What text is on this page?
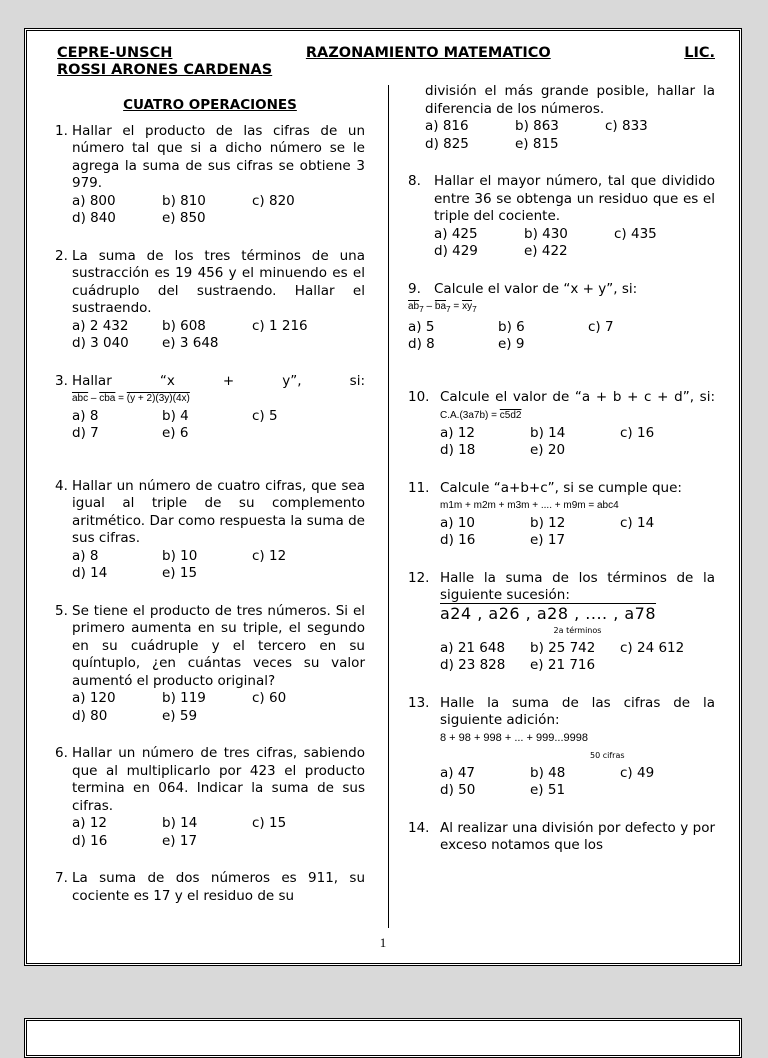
CEPRE-UNSCH	RAZONAMIENTO MATEMATICO	LIC.
ROSSI ARONES CARDENAS
CUATRO OPERACIONES
1. Hallar el producto de las cifras de un número tal que si a dicho número se le agrega la suma de sus cifras se obtiene 3 979.
a) 800	b) 810	c) 820
d) 840	e) 850
2. La suma de los tres términos de una sustracción es 19 456 y el minuendo es el cuádruplo del sustraendo. Hallar el sustraendo.
a) 2 432	b) 608	c) 1 216
d) 3 040	e) 3 648
3. Hallar “x + y”, si:
$\overline{abc} - \overline{cba} = (y + 2)(3y)(4x)$
a) 8	b) 4	c) 5
d) 7	e) 6
4. Hallar un número de cuatro cifras, que sea igual al triple de su complemento aritmético. Dar como respuesta la suma de sus cifras.
a) 8	b) 10	c) 12
d) 14	e) 15
5. Se tiene el producto de tres números. Si el primero aumenta en su triple, el segundo en su cuádruple y el tercero en su quíntuplo, ¿en cuántas veces su valor aumentó el producto original?
a) 120	b) 119	c) 60
d) 80	e) 59
6. Hallar un número de tres cifras, sabiendo que al multiplicarlo por 423 el producto termina en 064. Indicar la suma de sus cifras.
a) 12	b) 14	c) 15
d) 16	e) 17
7. La suma de dos números es 911, su cociente es 17 y el residuo de su
división el más grande posible, hallar la diferencia de los números.
a) 816	b) 863	c) 833
d) 825	e) 815
8. Hallar el mayor número, tal que dividido entre 36 se obtenga un residuo que es el triple del cociente.
a) 425	b) 430	c) 435
d) 429	e) 422
9. Calcule el valor de “x + y”, si:
$\overline{ab}_7 - \overline{ba}_7 = \overline{xy}_7$
a) 5	b) 6	c) 7
d) 8	e) 9
10. Calcule el valor de “a + b + c + d”, si: C.A.(3a7b) = c5d2
a) 12	b) 14	c) 16
d) 18	e) 20
11. Calcule “a+b+c”, si se cumple que:
m1m + m2m + m3m + .... + m9m = abc4
a) 10	b) 12	c) 14
d) 16	e) 17
12. Halle la suma de los términos de la siguiente sucesión:
a24 , a26 , a28 , .... , a78
2a términos
a) 21 648	b) 25 742	c) 24 612
d) 23 828	e) 21 716
13. Halle la suma de las cifras de la siguiente adición:
8 + 98 + 998 + ... + 999...9998
50 cifras
a) 47	b) 48	c) 49
d) 50	e) 51
14. Al realizar una división por defecto y por exceso notamos que los
1
